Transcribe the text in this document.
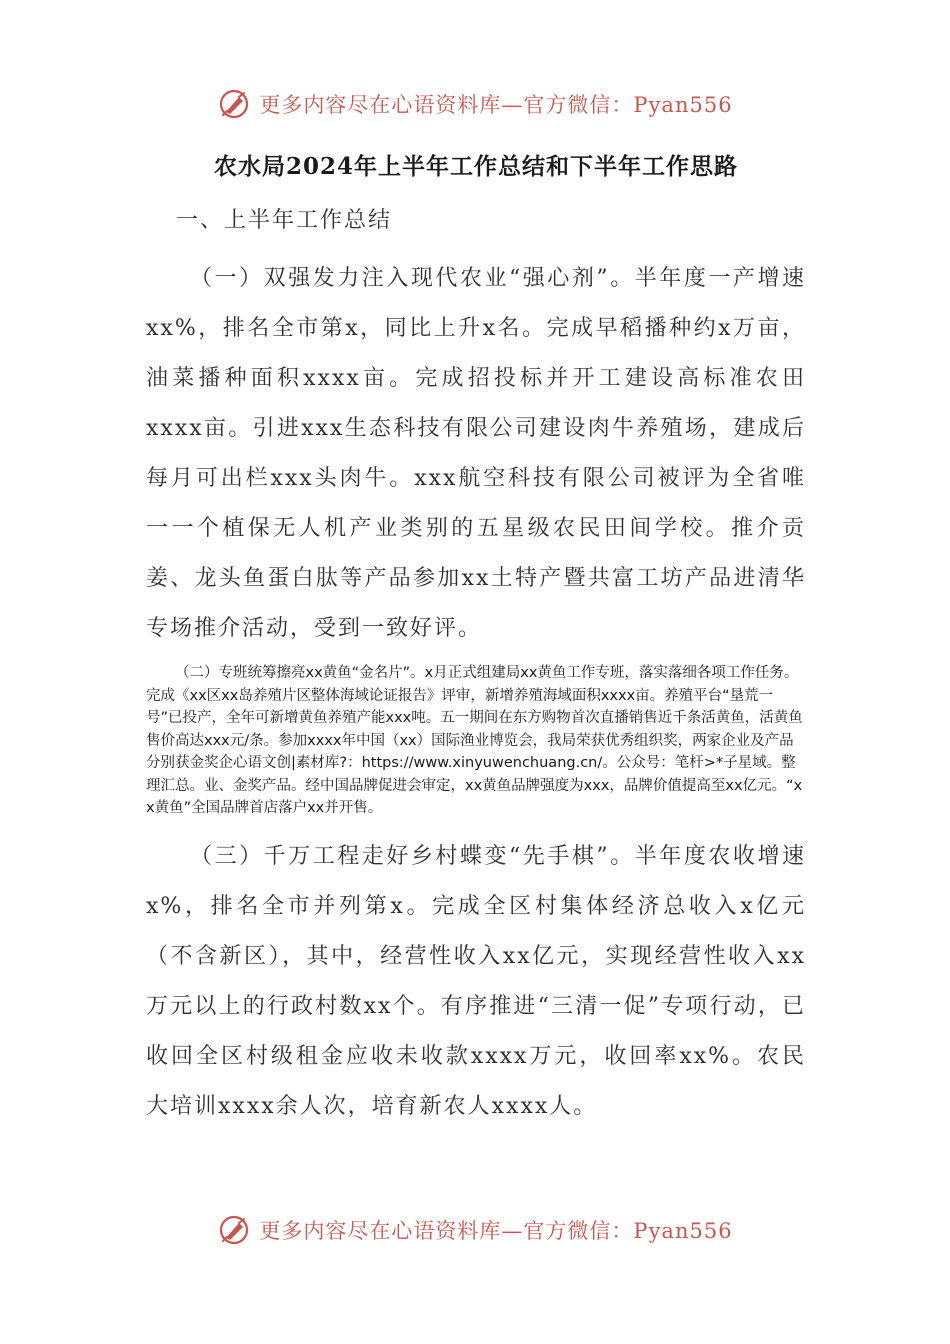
更多内容尽在心语资料库—官方微信：Pyan556
农水局2024年上半年工作总结和下半年工作思路
一、上半年工作总结

（一）双强发力注入现代农业“强心剂”。半年度一产增速xx%，排名全市第x，同比上升x名。完成早稻播种约x万亩，油菜播种面积xxxx亩。完成招投标并开工建设高标准农田xxxx亩。引进xxx生态科技有限公司建设肉牛养殖场，建成后每月可出栏xxx头肉牛。xxx航空科技有限公司被评为全省唯一一个植保无人机产业类别的五星级农民田间学校。推介贡姜、龙头鱼蛋白肽等产品参加xx土特产暨共富工坊产品进清华专场推介活动，受到一致好评。

（二）专班统筹擦亮xx黄鱼“金名片”。x月正式组建局xx黄鱼工作专班，落实落细各项工作任务。完成《xx区xx岛养殖片区整体海域论证报告》评审，新增养殖海域面积xxxx亩。养殖平台“垦荒一号”已投产，全年可新增黄鱼养殖产能xxx吨。五一期间在东方购物首次直播销售近千条活黄鱼，活黄鱼售价高达xxx元/条。参加xxxx年中国（xx）国际渔业博览会，我局荣获优秀组织奖，两家企业及产品分别获金奖企心语文创|素材库?：https://www.xinyuwenchuang.cn/。公众号：笔杆>*子星域。整理汇总。业、金奖产品。经中国品牌促进会审定，xx黄鱼品牌强度为xxx，品牌价值提高至xx亿元。“xx黄鱼”全国品牌首店落户xx并开售。

（三）千万工程走好乡村蝶变“先手棋”。半年度农收增速x%，排名全市并列第x。完成全区村集体经济总收入x亿元（不含新区），其中，经营性收入xx亿元，实现经营性收入xx万元以上的行政村数xx个。有序推进“三清一促”专项行动，已收回全区村级租金应收未收款xxxx万元，收回率xx%。农民大培训xxxx余人次，培育新农人xxxx人。

更多内容尽在心语资料库—官方微信：Pyan556
